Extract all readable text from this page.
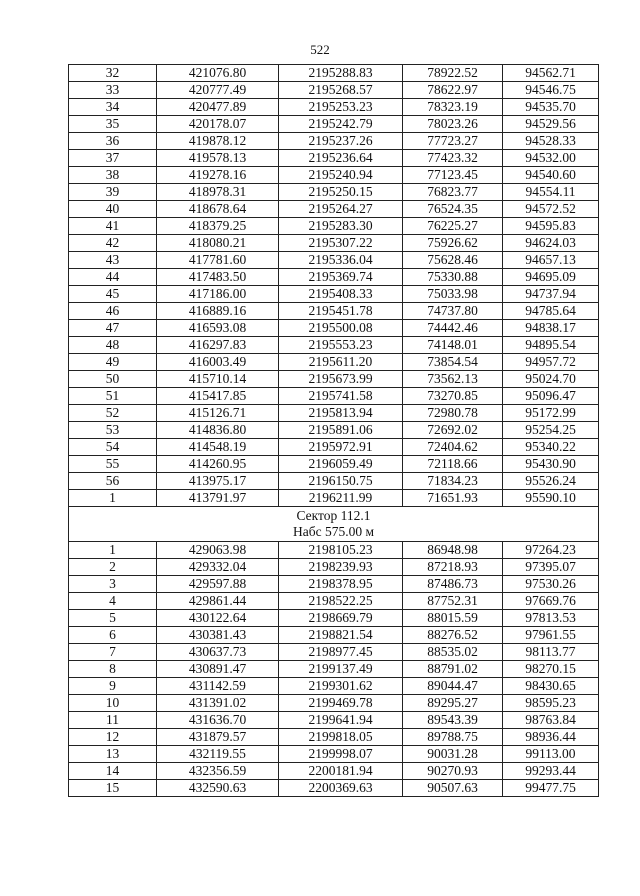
522
32	421076.80	2195288.83	78922.52	94562.71
33	420777.49	2195268.57	78622.97	94546.75
34	420477.89	2195253.23	78323.19	94535.70
35	420178.07	2195242.79	78023.26	94529.56
36	419878.12	2195237.26	77723.27	94528.33
37	419578.13	2195236.64	77423.32	94532.00
38	419278.16	2195240.94	77123.45	94540.60
39	418978.31	2195250.15	76823.77	94554.11
40	418678.64	2195264.27	76524.35	94572.52
41	418379.25	2195283.30	76225.27	94595.83
42	418080.21	2195307.22	75926.62	94624.03
43	417781.60	2195336.04	75628.46	94657.13
44	417483.50	2195369.74	75330.88	94695.09
45	417186.00	2195408.33	75033.98	94737.94
46	416889.16	2195451.78	74737.80	94785.64
47	416593.08	2195500.08	74442.46	94838.17
48	416297.83	2195553.23	74148.01	94895.54
49	416003.49	2195611.20	73854.54	94957.72
50	415710.14	2195673.99	73562.13	95024.70
51	415417.85	2195741.58	73270.85	95096.47
52	415126.71	2195813.94	72980.78	95172.99
53	414836.80	2195891.06	72692.02	95254.25
54	414548.19	2195972.91	72404.62	95340.22
55	414260.95	2196059.49	72118.66	95430.90
56	413975.17	2196150.75	71834.23	95526.24
1	413791.97	2196211.99	71651.93	95590.10

Сектор 112.1
Набс 575.00 м				

1	429063.98	2198105.23	86948.98	97264.23
2	429332.04	2198239.93	87218.93	97395.07
3	429597.88	2198378.95	87486.73	97530.26
4	429861.44	2198522.25	87752.31	97669.76
5	430122.64	2198669.79	88015.59	97813.53
6	430381.43	2198821.54	88276.52	97961.55
7	430637.73	2198977.45	88535.02	98113.77
8	430891.47	2199137.49	88791.02	98270.15
9	431142.59	2199301.62	89044.47	98430.65
10	431391.02	2199469.78	89295.27	98595.23
11	431636.70	2199641.94	89543.39	98763.84
12	431879.57	2199818.05	89788.75	98936.44
13	432119.55	2199998.07	90031.28	99113.00
14	432356.59	2200181.94	90270.93	99293.44
15	432590.63	2200369.63	90507.63	99477.75
